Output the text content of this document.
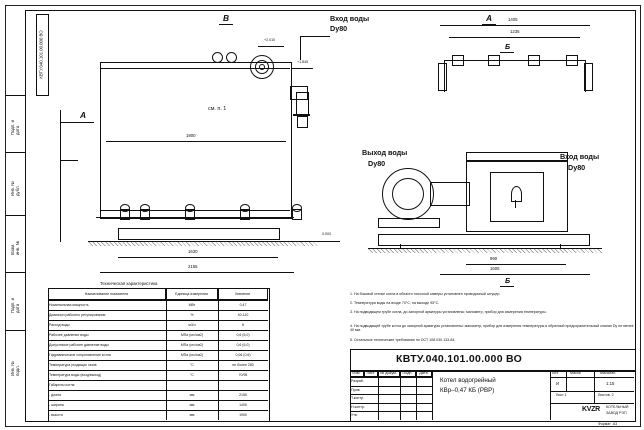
Подп. и дата
Инв. № дубл.
Взам. инв. №
Подп. и дата
Инв. № подл.
КВТУ.040.101.00.000 ВО
В	Вход воды
Dy80
А
+2.010
+1.845
см. п. 1
1900
1630
2155
0.000
А	1405
1235
Б
Выход воды
Dy80
Вход воды
Dy80
990
1605
Б
Техническая характеристика
Наименование показателя	Единица измерения	Значение
Номинальная мощность	МВт	0,47
Диапазон рабочего регулирования	%	40-110
Расход воды	м3/ч	8
Рабочее давление воды	МПа (кгс/см2)	0,6 (6,0)
Допустимое рабочее давление воды	МПа (кгс/см2)	0,6 (6,0)
Гидравлическое сопротивление котла	МПа (кгс/см2)	0,06 (0,6)
Температура уходящих газов	°С	не более 280
Температура воды (вход/выход)	°С	70/95
Габариты котла
- длина	мм	2155
- ширина	мм	1405
- высота	мм	1900
1. На боковой стенке котла в области топочной камеры установлен проводочный штуцер.
2. Температура воды на входе 70°С, на выходе 95°С.
3. На подводящем трубе котла, до запорной арматуры установлены: манометр, прибор для измерения температуры.
4. На подводящей трубе котла до запорной арматуры установлены: манометр, прибор для измерения температуры и обратный предохранительный клапан Dy не менее 40 мм.
5. Остальные технические требования по ОСТ 108.030.133-84.
КВТУ.040.101.00.000 ВО
Изм. Лист № докум. Подп. Дата
Разраб.
Пров.
Т.контр.
Н.контр.
Утв.
Котел водогрейный
КВр–0,47 КБ (РВР)
Лит.	Масса	Масштаб
И	1:15
Лист 1	Листов  2
KVZR КОТЕЛЬНЫЙ
ЗАВОД РЭП
Формат  А3
